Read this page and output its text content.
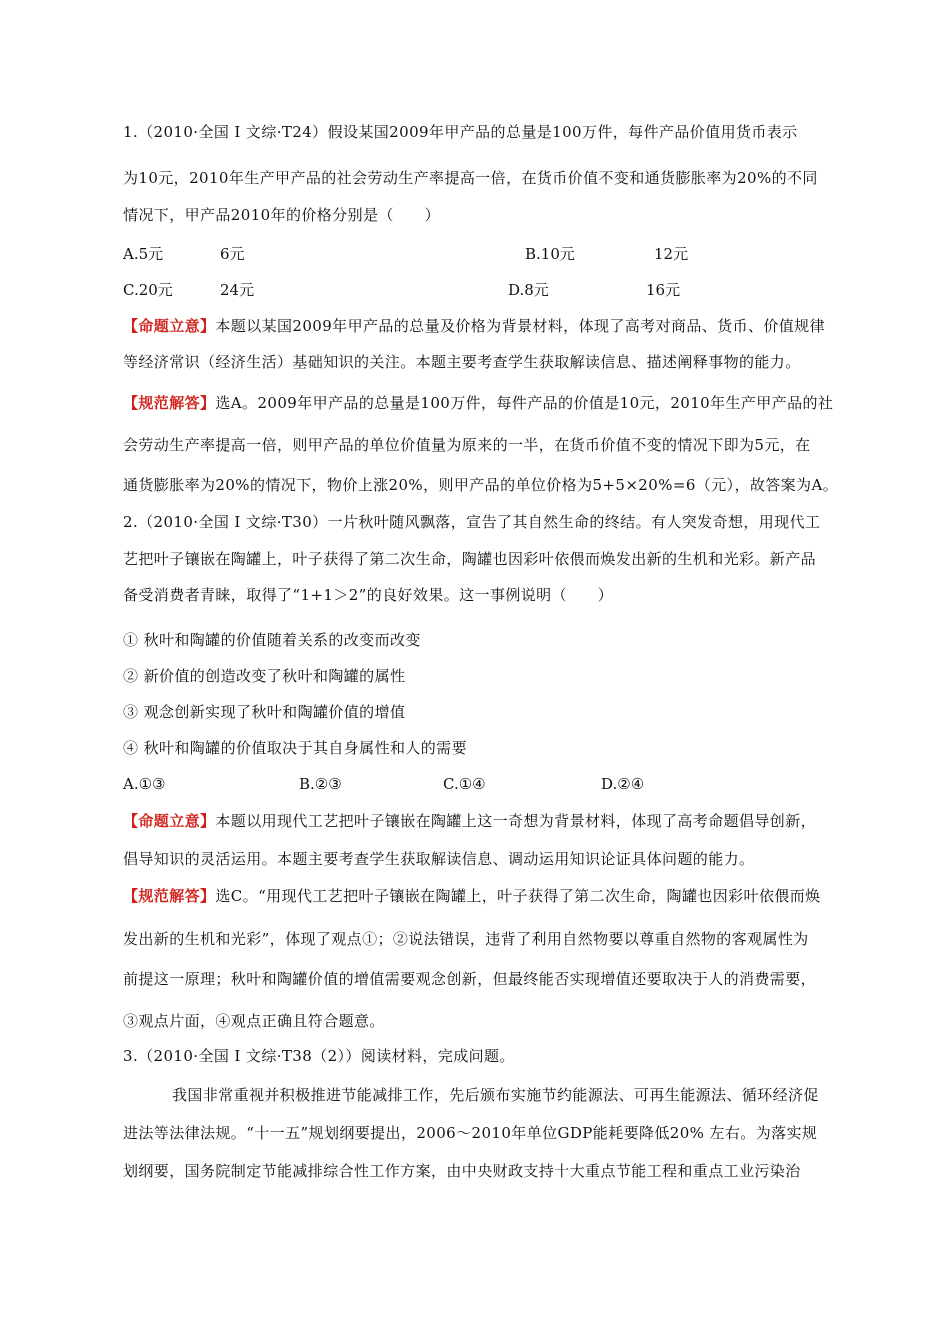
1.（2010·全国 Ⅰ 文综·T24）假设某国2009年甲产品的总量是100万件，每件产品价值用货币表示
为10元，2010年生产甲产品的社会劳动生产率提高一倍，在货币价值不变和通货膨胀率为20%的不同
情况下，甲产品2010年的价格分别是（　　）
A.5元	6元	B.10元	12元
C.20元	24元	D.8元	16元
【命题立意】本题以某国2009年甲产品的总量及价格为背景材料，体现了高考对商品、货币、价值规律
等经济常识（经济生活）基础知识的关注。本题主要考查学生获取解读信息、描述阐释事物的能力。
【规范解答】选A。2009年甲产品的总量是100万件，每件产品的价值是10元，2010年生产甲产品的社
会劳动生产率提高一倍，则甲产品的单位价值量为原来的一半，在货币价值不变的情况下即为5元，在
通货膨胀率为20%的情况下，物价上涨20%，则甲产品的单位价格为5+5×20%=6（元），故答案为A。
2.（2010·全国 Ⅰ 文综·T30）一片秋叶随风飘落，宣告了其自然生命的终结。有人突发奇想，用现代工
艺把叶子镶嵌在陶罐上，叶子获得了第二次生命，陶罐也因彩叶依偎而焕发出新的生机和光彩。新产品
备受消费者青睐，取得了“1+1＞2”的良好效果。这一事例说明（　　）
① 秋叶和陶罐的价值随着关系的改变而改变
② 新价值的创造改变了秋叶和陶罐的属性
③ 观念创新实现了秋叶和陶罐价值的增值
④ 秋叶和陶罐的价值取决于其自身属性和人的需要
A.①③	B.②③	C.①④	D.②④
【命题立意】本题以用现代工艺把叶子镶嵌在陶罐上这一奇想为背景材料，体现了高考命题倡导创新，
倡导知识的灵活运用。本题主要考查学生获取解读信息、调动运用知识论证具体问题的能力。
【规范解答】选C。“用现代工艺把叶子镶嵌在陶罐上，叶子获得了第二次生命，陶罐也因彩叶依偎而焕
发出新的生机和光彩”，体现了观点①；②说法错误，违背了利用自然物要以尊重自然物的客观属性为
前提这一原理；秋叶和陶罐价值的增值需要观念创新，但最终能否实现增值还要取决于人的消费需要，
③观点片面，④观点正确且符合题意。
3.（2010·全国 Ⅰ 文综·T38（2））阅读材料，完成问题。
我国非常重视并积极推进节能减排工作，先后颁布实施节约能源法、可再生能源法、循环经济促
进法等法律法规。“十一五”规划纲要提出，2006～2010年单位GDP能耗要降低20% 左右。为落实规
划纲要，国务院制定节能减排综合性工作方案，由中央财政支持十大重点节能工程和重点工业污染治
